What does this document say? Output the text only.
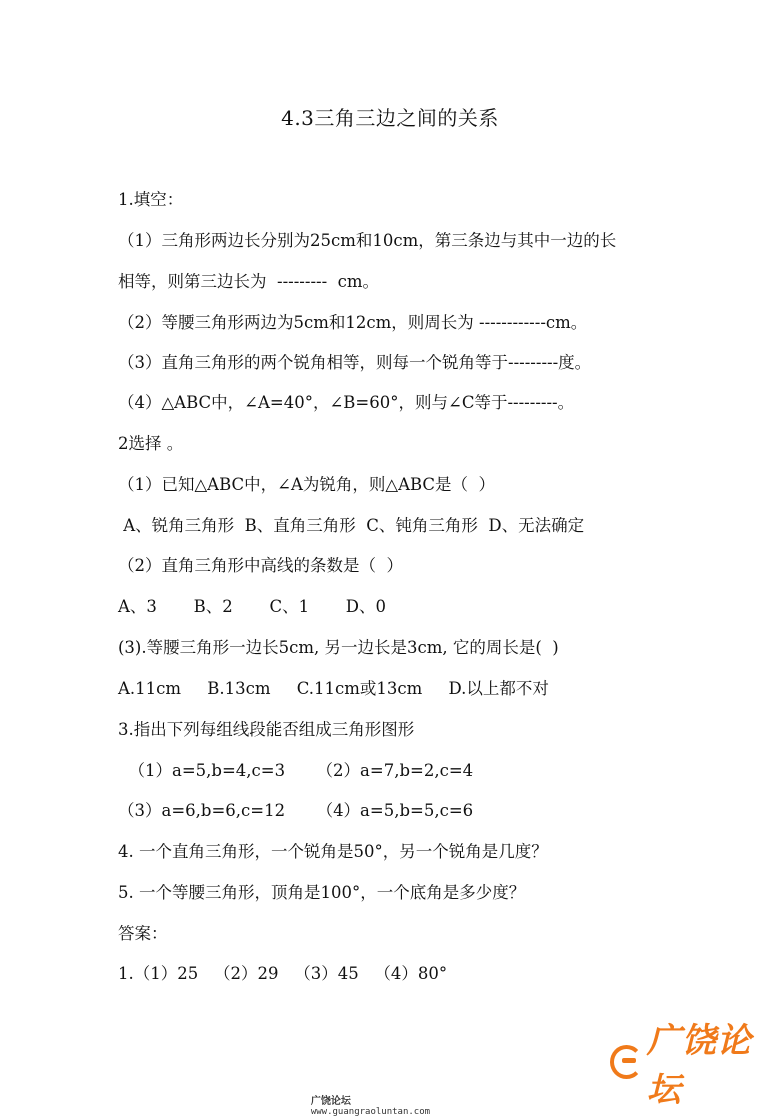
4.3三角三边之间的关系
1.填空：
（1）三角形两边长分别为25cm和10cm，第三条边与其中一边的长
相等，则第三边长为  ---------  cm。
（2）等腰三角形两边为5cm和12cm，则周长为 ------------cm。
（3）直角三角形的两个锐角相等，则每一个锐角等于---------度。
（4）△ABC中，∠A=40°，∠B=60°，则与∠C等于---------。
2选择 。
（1）已知△ABC中，∠A为锐角，则△ABC是（  ）
A、锐角三角形  B、直角三角形  C、钝角三角形  D、无法确定
（2）直角三角形中高线的条数是（  ）
A、3       B、2       C、1       D、0
(3).等腰三角形一边长5cm, 另一边长是3cm, 它的周长是(  )
A.11cm     B.13cm     C.11cm或13cm     D.以上都不对
3.指出下列每组线段能否组成三角形图形
（1）a=5,b=4,c=3      （2）a=7,b=2,c=4
（3）a=6,b=6,c=12      （4）a=5,b=5,c=6
4. 一个直角三角形，一个锐角是50°，另一个锐角是几度？
5. 一个等腰三角形，顶角是100°，一个底角是多少度？
答案：
1.（1）25   （2）29   （3）45   （4）80°
广饶论坛

广饶论坛
www.guangraoluntan.com
